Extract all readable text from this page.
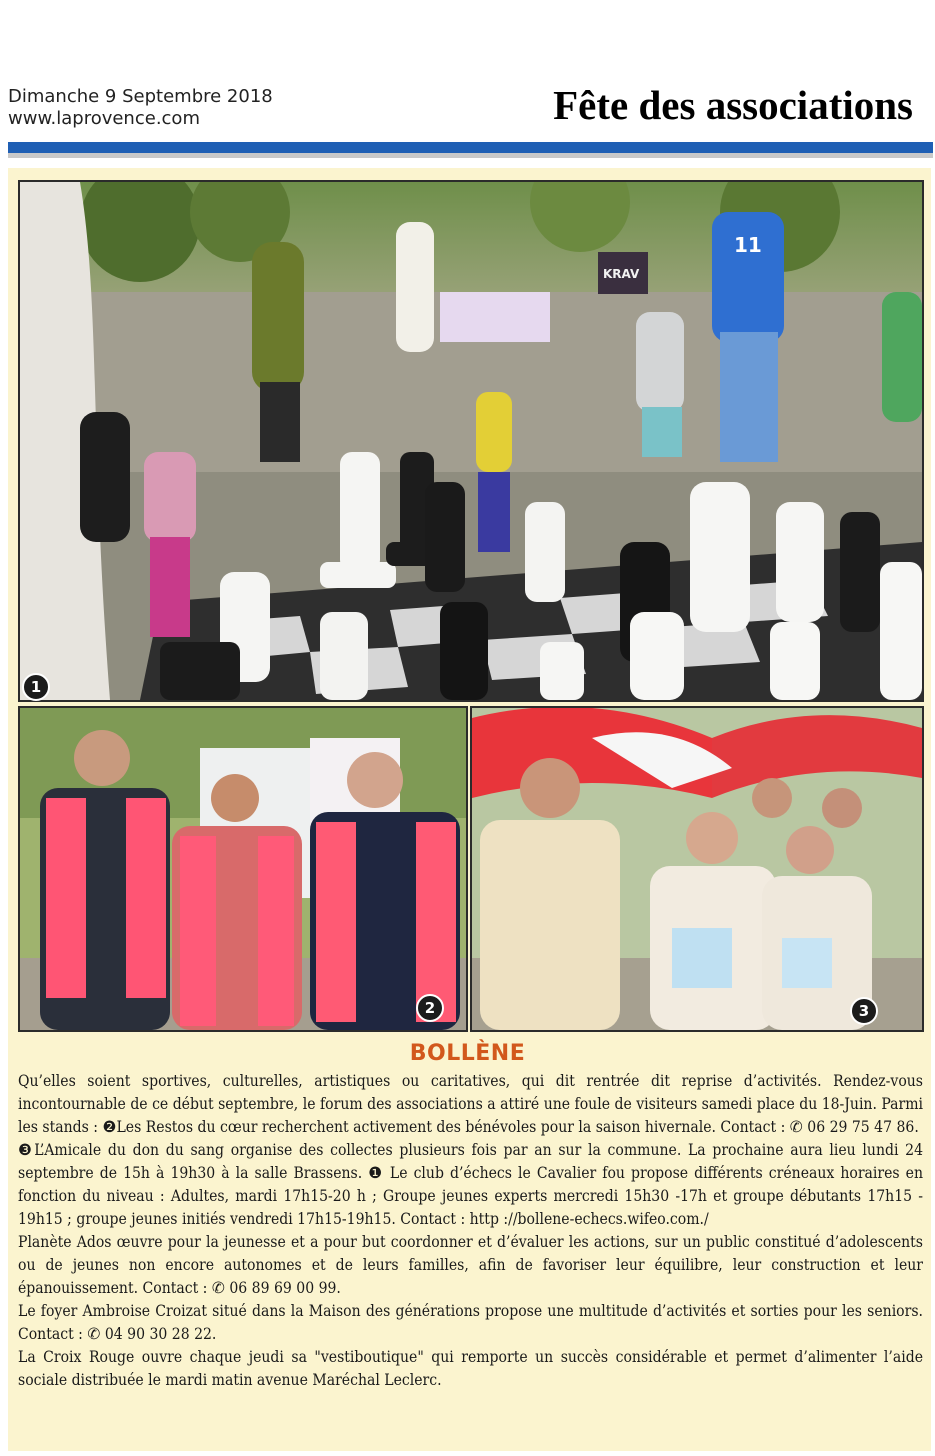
Dimanche 9 Septembre 2018
www.laprovence.com	Fête des associations
KRAV
11
1
2	3
BOLLÈNE

Qu’elles soient sportives, culturelles, artistiques ou caritatives, qui dit rentrée dit reprise d’activités. Rendez-vous incontournable de ce début septembre, le forum des associations a attiré une foule de visiteurs samedi place du 18-Juin. Parmi les stands : ❷Les Restos du cœur recherchent activement des bénévoles pour la saison hivernale. Contact : ✆ 06 29 75 47 86.

❸L’Amicale du don du sang organise des collectes plusieurs fois par an sur la commune. La prochaine aura lieu lundi 24 septembre de 15h à 19h30 à la salle Brassens. ❶ Le club d’échecs le Cavalier fou propose différents créneaux horaires en fonction du niveau : Adultes, mardi 17h15-20 h ; Groupe jeunes experts mercredi 15h30 -17h et groupe débutants 17h15 - 19h15 ; groupe jeunes initiés vendredi 17h15-19h15. Contact : http ://bollene-echecs.wifeo.com./

Planète Ados œuvre pour la jeunesse et a pour but coordonner et d’évaluer les actions, sur un public constitué d’adolescents ou de jeunes non encore autonomes et de leurs familles, afin de favoriser leur équilibre, leur construction et leur épanouissement. Contact : ✆ 06 89 69 00 99.

Le foyer Ambroise Croizat situé dans la Maison des générations propose une multitude d’activités et sorties pour les seniors. Contact : ✆ 04 90 30 28 22.

La Croix Rouge ouvre chaque jeudi sa "vestiboutique" qui remporte un succès considérable et permet d’alimenter l’aide sociale distribuée le mardi matin avenue Maréchal Leclerc.
